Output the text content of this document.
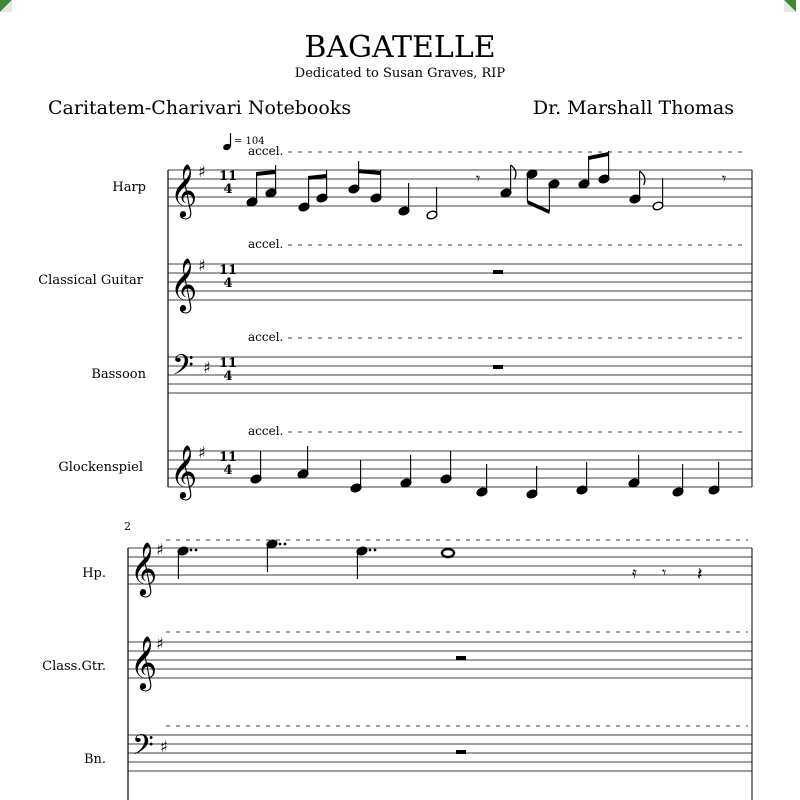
BAGATELLE
Dedicated to Susan Graves, RIP
Caritatem-Charivari Notebooks	Dr. Marshall Thomas
= 104
Harp
Classical Guitar
Bassoon
Glockenspiel
accel.
accel.
accel.
accel.
11
4
11
4
11
4
11
4
2
Hp.
Class.Gtr.
Bn.
𝄞
𝄞
𝄢
𝄞
♯
♯
♯
♯
𝄾	𝄾
𝄞
𝄞
𝄢
♯
♯
♯
𝄿 𝄾 𝄽
